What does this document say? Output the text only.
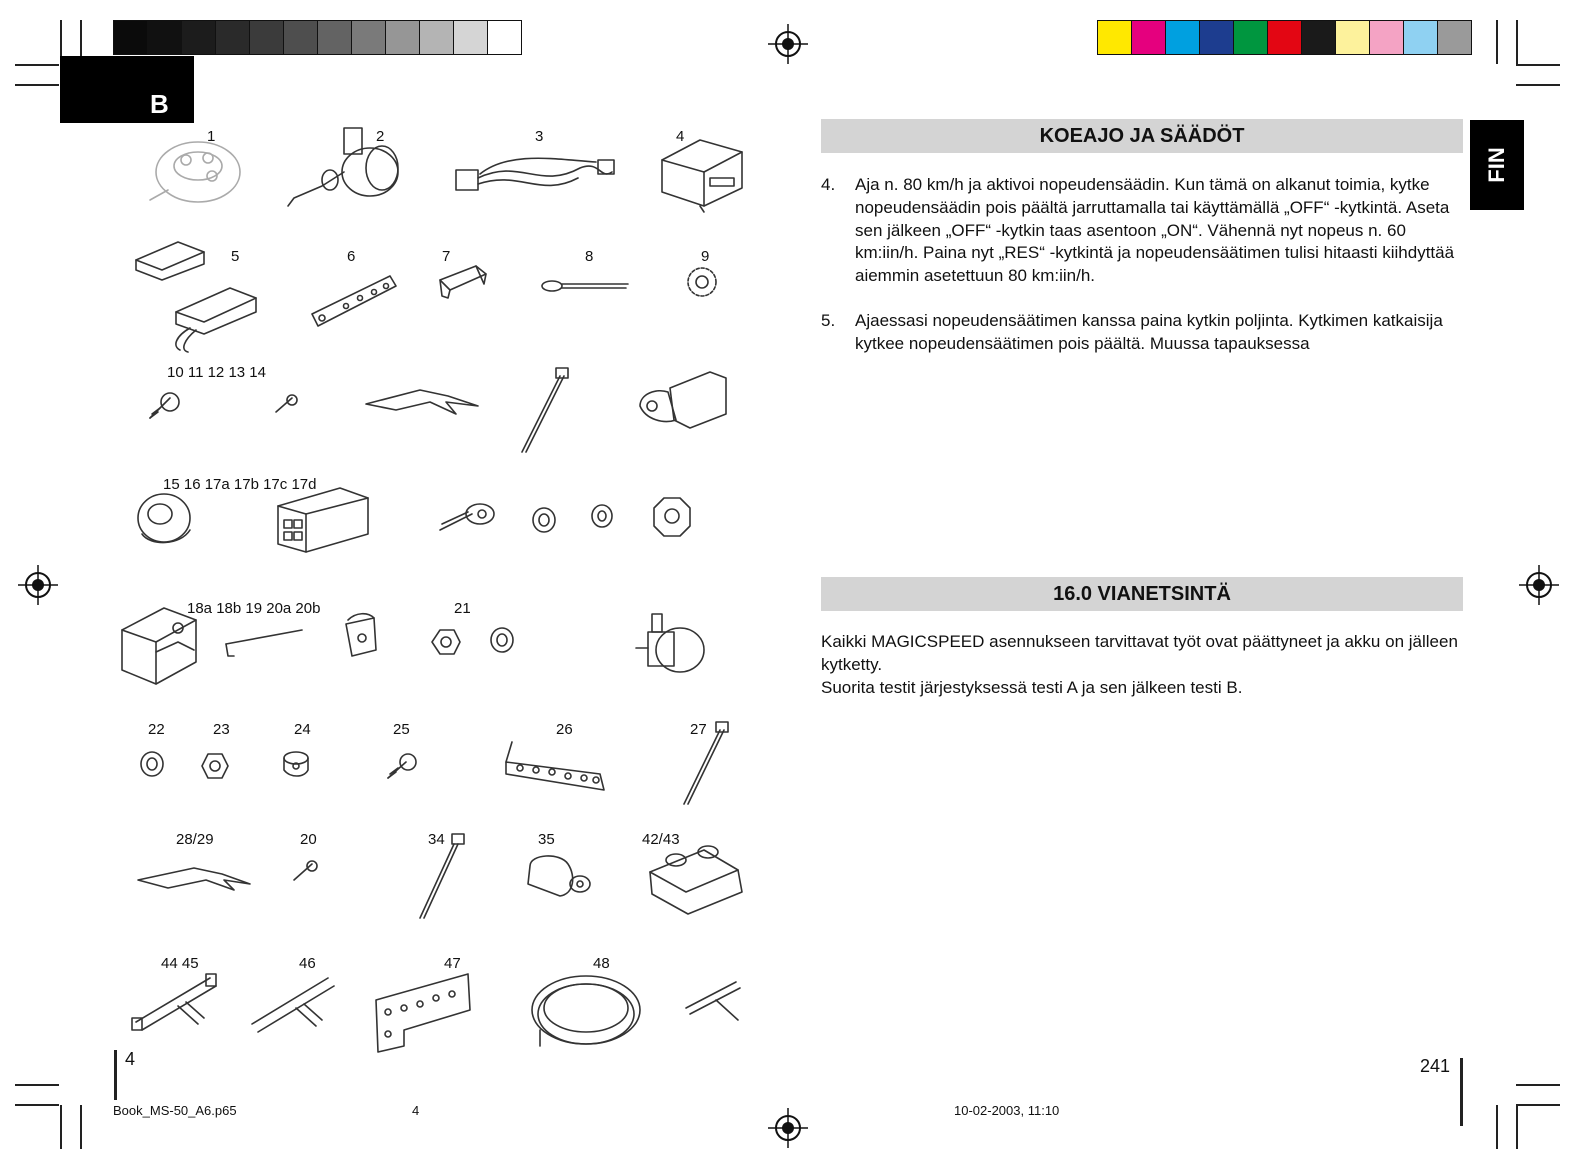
B
FIN
1	2	3	4
5	6	7	8	9
10 11 12 13 14
15 16 17a 17b 17c 17d
18a 18b 19 20a 20b	21
22	23	24	25	26	27
28/29	20	34	35	42/43
44 45	46	47	48
KOEAJO JA SÄÄDÖT
4. Aja n. 80 km/h ja aktivoi nopeudensäädin. Kun tämä on alkanut toimia, kytke nopeudensäädin pois päältä jarruttamalla tai käyttämällä „OFF“ -kytkintä. Aseta sen jälkeen „OFF“ -kytkin taas asentoon „ON“. Vähennä nyt nopeus n. 60 km:iin/h. Paina nyt „RES“ -kytkintä ja nopeudensäätimen tulisi hitaasti kiihdyttää aiemmin asetettuun 80 km:iin/h.
5. Ajaessasi nopeudensäätimen kanssa paina kytkin poljinta. Kytkimen katkaisija kytkee nopeudensäätimen pois päältä. Muussa tapauksessa
16.0 VIANETSINTÄ
Kaikki MAGICSPEED asennukseen tarvittavat työt ovat päättyneet ja akku on jälleen kytketty.
Suorita testit järjestyksessä testi A ja sen jälkeen testi B.
4	241
Book_MS-50_A6.p65	4	10-02-2003, 11:10
